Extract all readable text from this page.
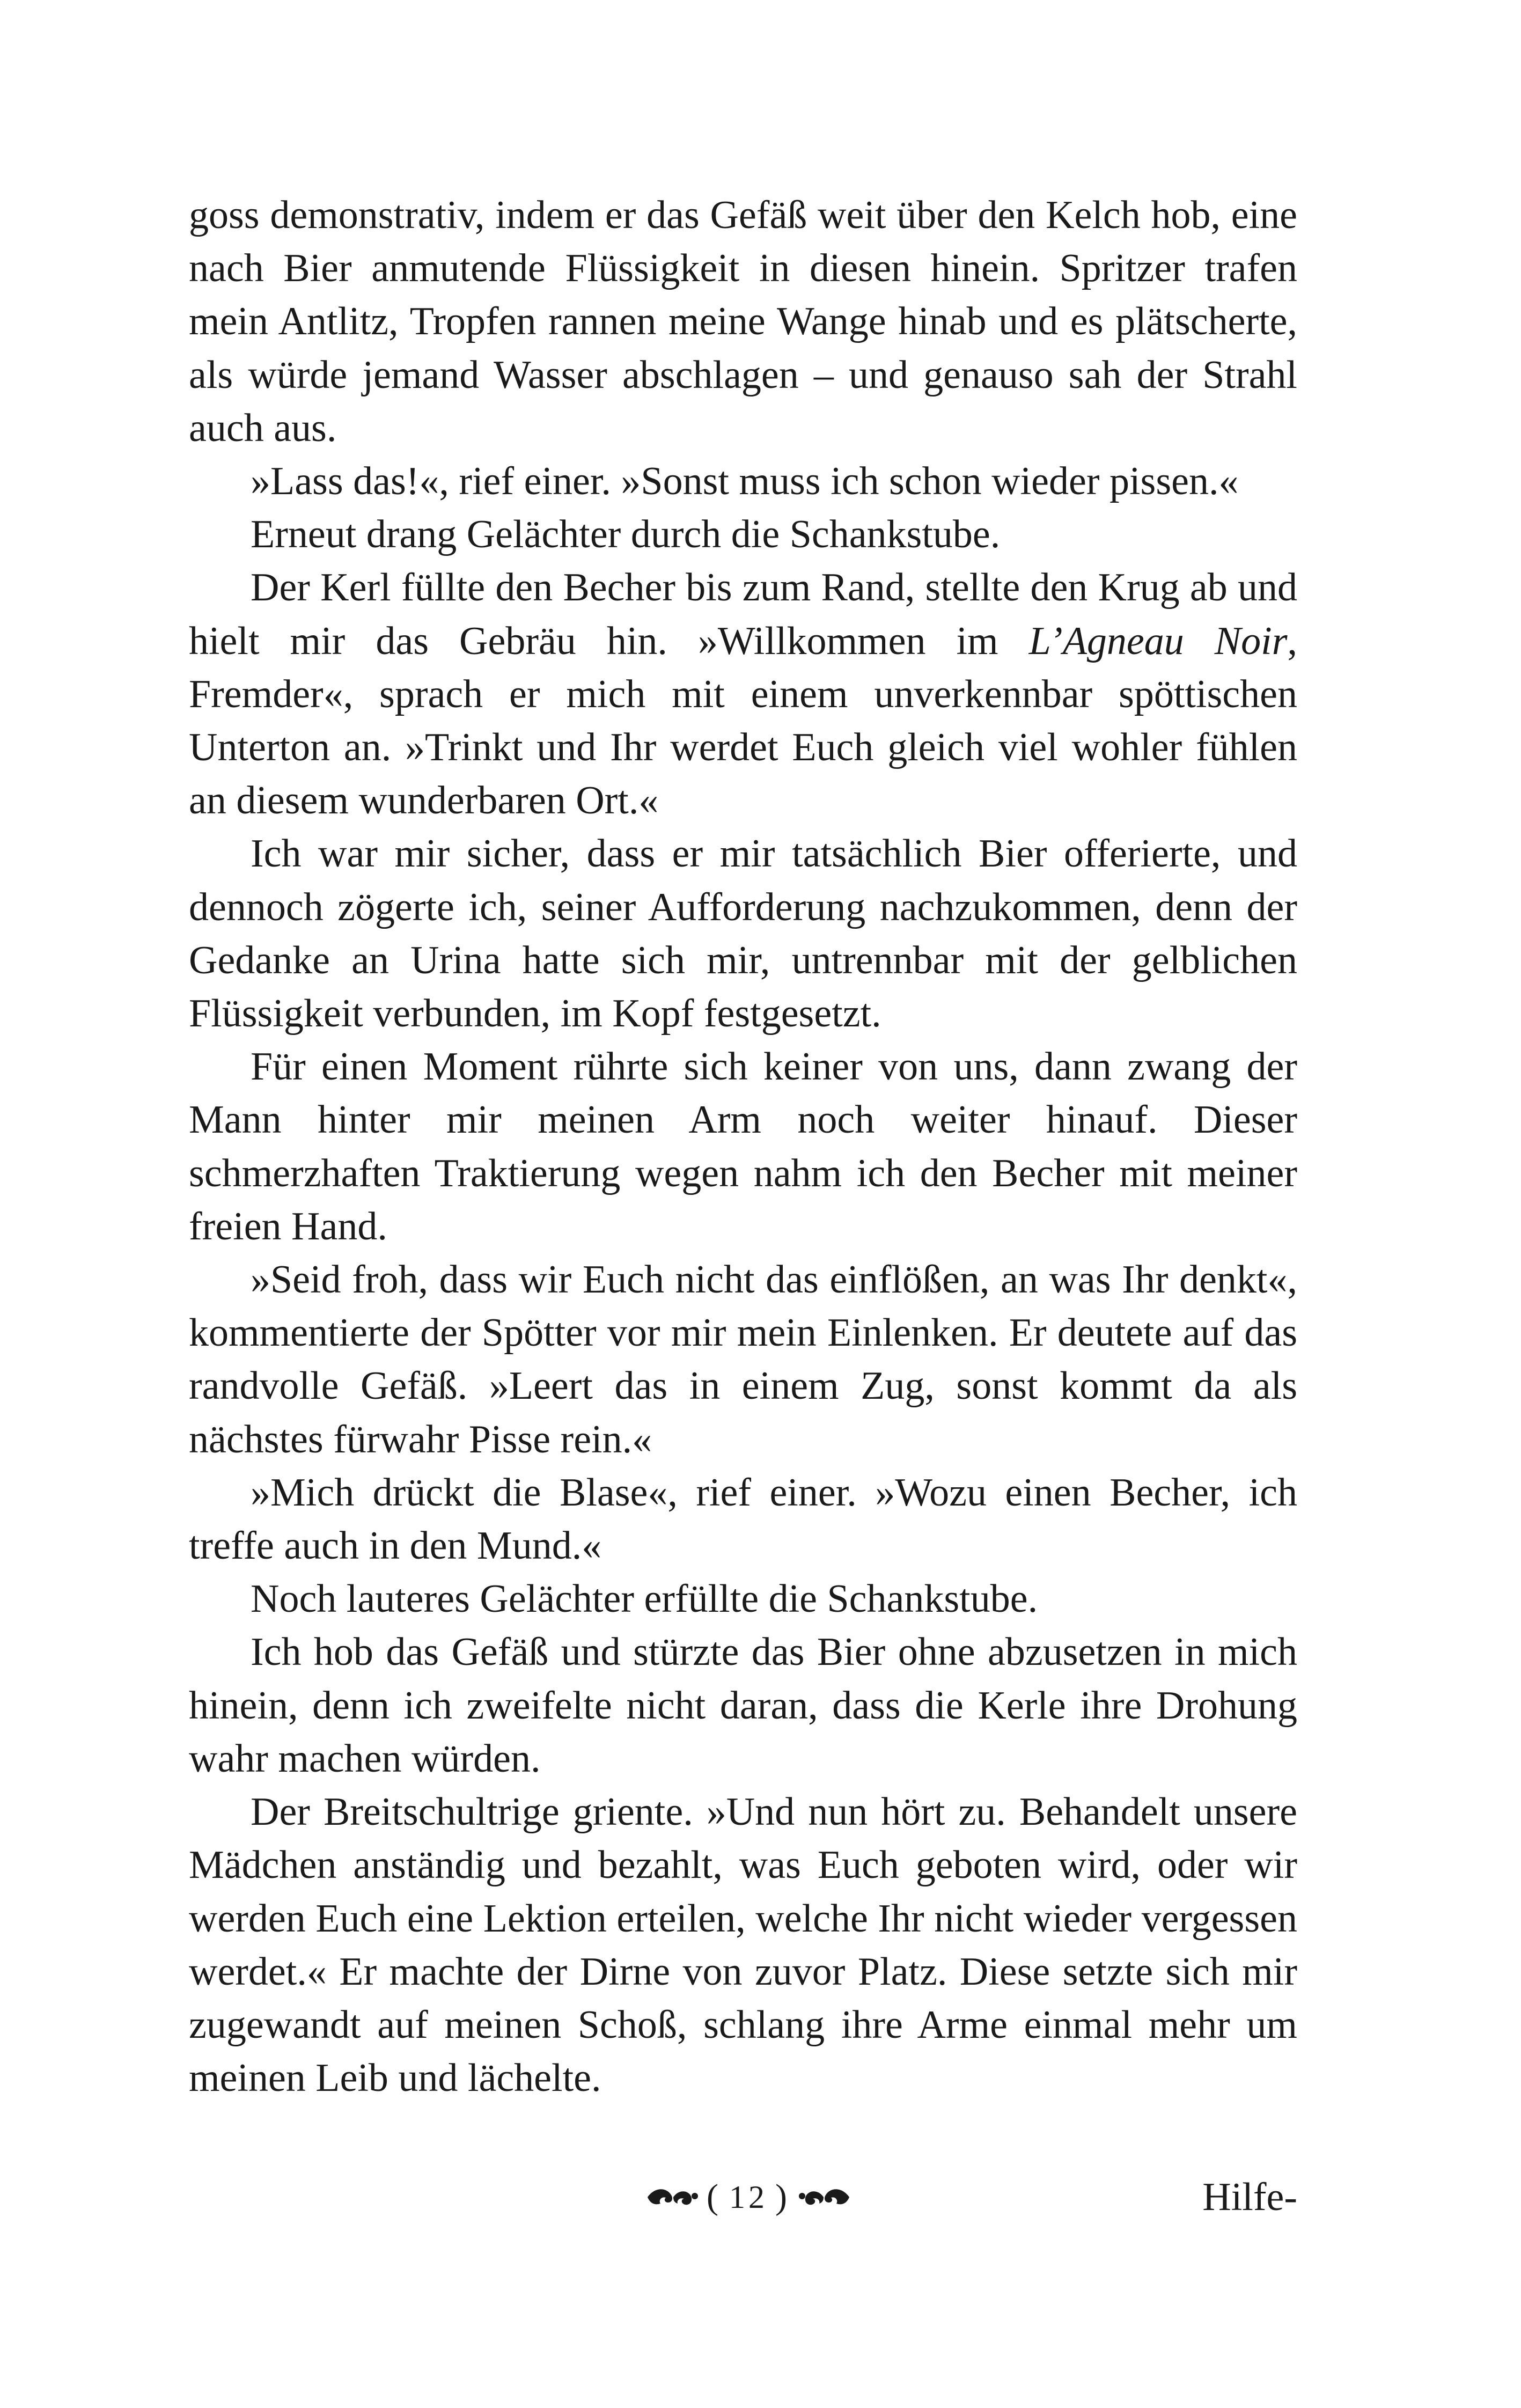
goss demonstrativ, indem er das Gefäß weit über den Kelch hob, eine nach Bier anmutende Flüssigkeit in diesen hinein. Spritzer trafen mein Antlitz, Tropfen rannen meine Wange hinab und es plätscherte, als würde jemand Wasser abschlagen – und genauso sah der Strahl auch aus.

»Lass das!«, rief einer. »Sonst muss ich schon wieder pissen.«

Erneut drang Gelächter durch die Schankstube.

Der Kerl füllte den Becher bis zum Rand, stellte den Krug ab und hielt mir das Gebräu hin. »Willkommen im L’Agneau Noir, Fremder«, sprach er mich mit einem unverkennbar spöttischen Unterton an. »Trinkt und Ihr werdet Euch gleich viel wohler fühlen an diesem wunderbaren Ort.«

Ich war mir sicher, dass er mir tatsächlich Bier offerierte, und dennoch zögerte ich, seiner Aufforderung nachzukommen, denn der Gedanke an Urina hatte sich mir, untrennbar mit der gelblichen Flüssigkeit verbunden, im Kopf festgesetzt.

Für einen Moment rührte sich keiner von uns, dann zwang der Mann hinter mir meinen Arm noch weiter hinauf. Dieser schmerzhaften Traktierung wegen nahm ich den Becher mit meiner freien Hand.

»Seid froh, dass wir Euch nicht das einflößen, an was Ihr denkt«, kommentierte der Spötter vor mir mein Einlenken. Er deutete auf das randvolle Gefäß. »Leert das in einem Zug, sonst kommt da als nächstes fürwahr Pisse rein.«

»Mich drückt die Blase«, rief einer. »Wozu einen Becher, ich treffe auch in den Mund.«

Noch lauteres Gelächter erfüllte die Schankstube.

Ich hob das Gefäß und stürzte das Bier ohne abzusetzen in mich hinein, denn ich zweifelte nicht daran, dass die Kerle ihre Drohung wahr machen würden.

Der Breitschultrige griente. »Und nun hört zu. Behandelt unsere Mädchen anständig und bezahlt, was Euch geboten wird, oder wir werden Euch eine Lektion erteilen, welche Ihr nicht wieder vergessen werdet.« Er machte der Dirne von zuvor Platz. Diese setzte sich mir zugewandt auf meinen Schoß, schlang ihre Arme einmal mehr um meinen Leib und lächelte.

( 12 )	Hilfe-
